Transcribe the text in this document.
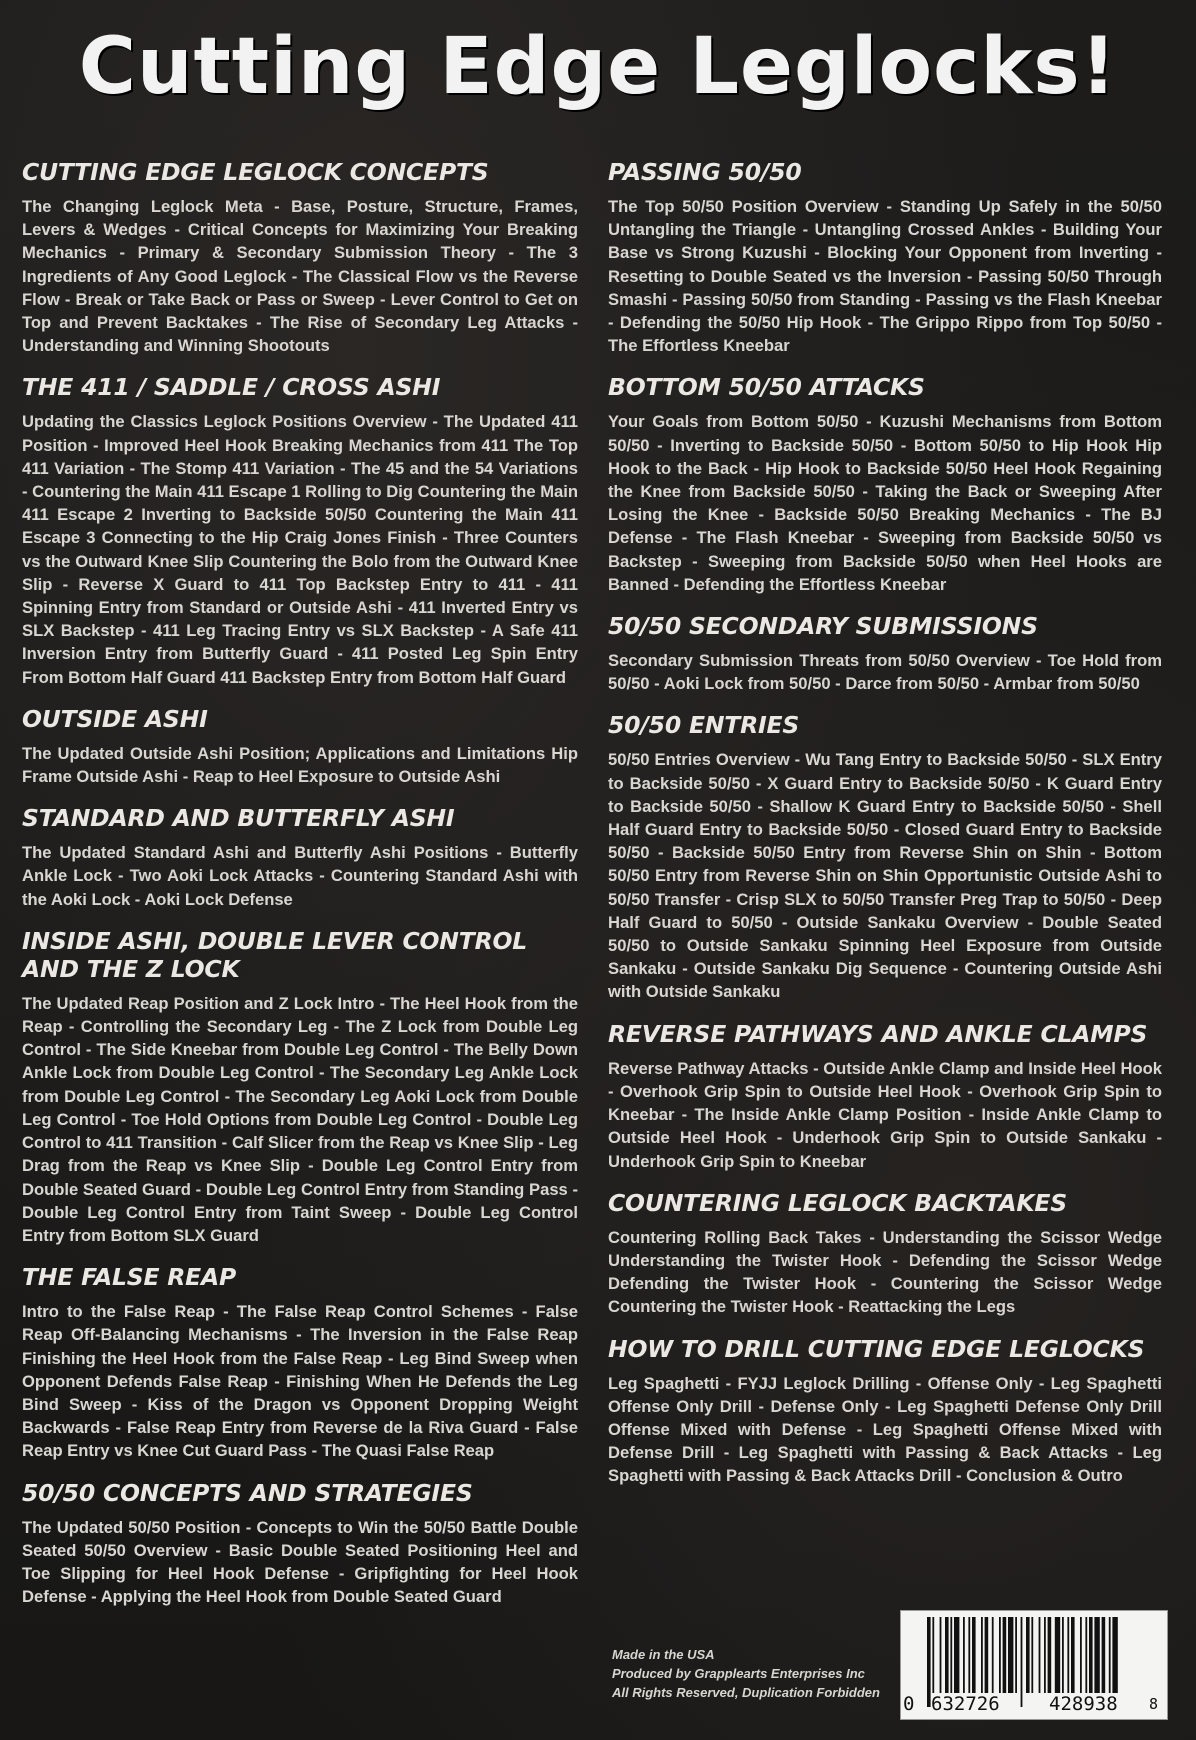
Cutting Edge Leglocks!
CUTTING EDGE LEGLOCK CONCEPTS

The Changing Leglock Meta - Base, Posture, Structure, Frames, Levers & Wedges - Critical Concepts for Maximizing Your Breaking Mechanics - Primary & Secondary Submission Theory - The 3 Ingredients of Any Good Leglock - The Classical Flow vs the Reverse Flow - Break or Take Back or Pass or Sweep - Lever Control to Get on Top and Prevent Backtakes - The Rise of Secondary Leg Attacks - Understanding and Winning Shootouts

THE 411 / SADDLE / CROSS ASHI

Updating the Classics Leglock Positions Overview - The Updated 411 Position - Improved Heel Hook Breaking Mechanics from 411 The Top 411 Variation - The Stomp 411 Variation - The 45 and the 54 Variations - Countering the Main 411 Escape 1 Rolling to Dig Countering the Main 411 Escape 2 Inverting to Backside 50/50 Countering the Main 411 Escape 3 Connecting to the Hip Craig Jones Finish - Three Counters vs the Outward Knee Slip Countering the Bolo from the Outward Knee Slip - Reverse X Guard to 411 Top Backstep Entry to 411 - 411 Spinning Entry from Standard or Outside Ashi - 411 Inverted Entry vs SLX Backstep - 411 Leg Tracing Entry vs SLX Backstep - A Safe 411 Inversion Entry from Butterfly Guard - 411 Posted Leg Spin Entry From Bottom Half Guard 411 Backstep Entry from Bottom Half Guard

OUTSIDE ASHI

The Updated Outside Ashi Position; Applications and Limitations Hip Frame Outside Ashi - Reap to Heel Exposure to Outside Ashi

STANDARD AND BUTTERFLY ASHI

The Updated Standard Ashi and Butterfly Ashi Positions - Butterfly Ankle Lock - Two Aoki Lock Attacks - Countering Standard Ashi with the Aoki Lock - Aoki Lock Defense

INSIDE ASHI, DOUBLE LEVER CONTROL AND THE Z LOCK

The Updated Reap Position and Z Lock Intro - The Heel Hook from the Reap - Controlling the Secondary Leg - The Z Lock from Double Leg Control - The Side Kneebar from Double Leg Control - The Belly Down Ankle Lock from Double Leg Control - The Secondary Leg Ankle Lock from Double Leg Control - The Secondary Leg Aoki Lock from Double Leg Control - Toe Hold Options from Double Leg Control - Double Leg Control to 411 Transition - Calf Slicer from the Reap vs Knee Slip - Leg Drag from the Reap vs Knee Slip - Double Leg Control Entry from Double Seated Guard - Double Leg Control Entry from Standing Pass - Double Leg Control Entry from Taint Sweep - Double Leg Control Entry from Bottom SLX Guard

THE FALSE REAP

Intro to the False Reap - The False Reap Control Schemes - False Reap Off-Balancing Mechanisms - The Inversion in the False Reap Finishing the Heel Hook from the False Reap - Leg Bind Sweep when Opponent Defends False Reap - Finishing When He Defends the Leg Bind Sweep - Kiss of the Dragon vs Opponent Dropping Weight Backwards - False Reap Entry from Reverse de la Riva Guard - False Reap Entry vs Knee Cut Guard Pass - The Quasi False Reap

50/50 CONCEPTS AND STRATEGIES

The Updated 50/50 Position - Concepts to Win the 50/50 Battle Double Seated 50/50 Overview - Basic Double Seated Positioning Heel and Toe Slipping for Heel Hook Defense - Gripfighting for Heel Hook Defense - Applying the Heel Hook from Double Seated Guard

PASSING 50/50

The Top 50/50 Position Overview - Standing Up Safely in the 50/50 Untangling the Triangle - Untangling Crossed Ankles - Building Your Base vs Strong Kuzushi - Blocking Your Opponent from Inverting - Resetting to Double Seated vs the Inversion - Passing 50/50 Through Smashi - Passing 50/50 from Standing - Passing vs the Flash Kneebar - Defending the 50/50 Hip Hook - The Grippo Rippo from Top 50/50 - The Effortless Kneebar

BOTTOM 50/50 ATTACKS

Your Goals from Bottom 50/50 - Kuzushi Mechanisms from Bottom 50/50 - Inverting to Backside 50/50 - Bottom 50/50 to Hip Hook Hip Hook to the Back - Hip Hook to Backside 50/50 Heel Hook Regaining the Knee from Backside 50/50 - Taking the Back or Sweeping After Losing the Knee - Backside 50/50 Breaking Mechanics - The BJ Defense - The Flash Kneebar - Sweeping from Backside 50/50 vs Backstep - Sweeping from Backside 50/50 when Heel Hooks are Banned - Defending the Effortless Kneebar

50/50 SECONDARY SUBMISSIONS

Secondary Submission Threats from 50/50 Overview - Toe Hold from 50/50 - Aoki Lock from 50/50 - Darce from 50/50 - Armbar from 50/50

50/50 ENTRIES

50/50 Entries Overview - Wu Tang Entry to Backside 50/50 - SLX Entry to Backside 50/50 - X Guard Entry to Backside 50/50 - K Guard Entry to Backside 50/50 - Shallow K Guard Entry to Backside 50/50 - Shell Half Guard Entry to Backside 50/50 - Closed Guard Entry to Backside 50/50 - Backside 50/50 Entry from Reverse Shin on Shin - Bottom 50/50 Entry from Reverse Shin on Shin Opportunistic Outside Ashi to 50/50 Transfer - Crisp SLX to 50/50 Transfer Preg Trap to 50/50 - Deep Half Guard to 50/50 - Outside Sankaku Overview - Double Seated 50/50 to Outside Sankaku Spinning Heel Exposure from Outside Sankaku - Outside Sankaku Dig Sequence - Countering Outside Ashi with Outside Sankaku

REVERSE PATHWAYS AND ANKLE CLAMPS

Reverse Pathway Attacks - Outside Ankle Clamp and Inside Heel Hook - Overhook Grip Spin to Outside Heel Hook - Overhook Grip Spin to Kneebar - The Inside Ankle Clamp Position - Inside Ankle Clamp to Outside Heel Hook - Underhook Grip Spin to Outside Sankaku - Underhook Grip Spin to Kneebar

COUNTERING LEGLOCK BACKTAKES

Countering Rolling Back Takes - Understanding the Scissor Wedge Understanding the Twister Hook - Defending the Scissor Wedge Defending the Twister Hook - Countering the Scissor Wedge Countering the Twister Hook - Reattacking the Legs

HOW TO DRILL CUTTING EDGE LEGLOCKS

Leg Spaghetti - FYJJ Leglock Drilling - Offense Only - Leg Spaghetti Offense Only Drill - Defense Only - Leg Spaghetti Defense Only Drill Offense Mixed with Defense - Leg Spaghetti Offense Mixed with Defense Drill - Leg Spaghetti with Passing & Back Attacks - Leg Spaghetti with Passing & Back Attacks Drill - Conclusion & Outro

Made in the USA
Produced by Grapplearts Enterprises Inc
All Rights Reserved, Duplication Forbidden
0 632726	428938 8
